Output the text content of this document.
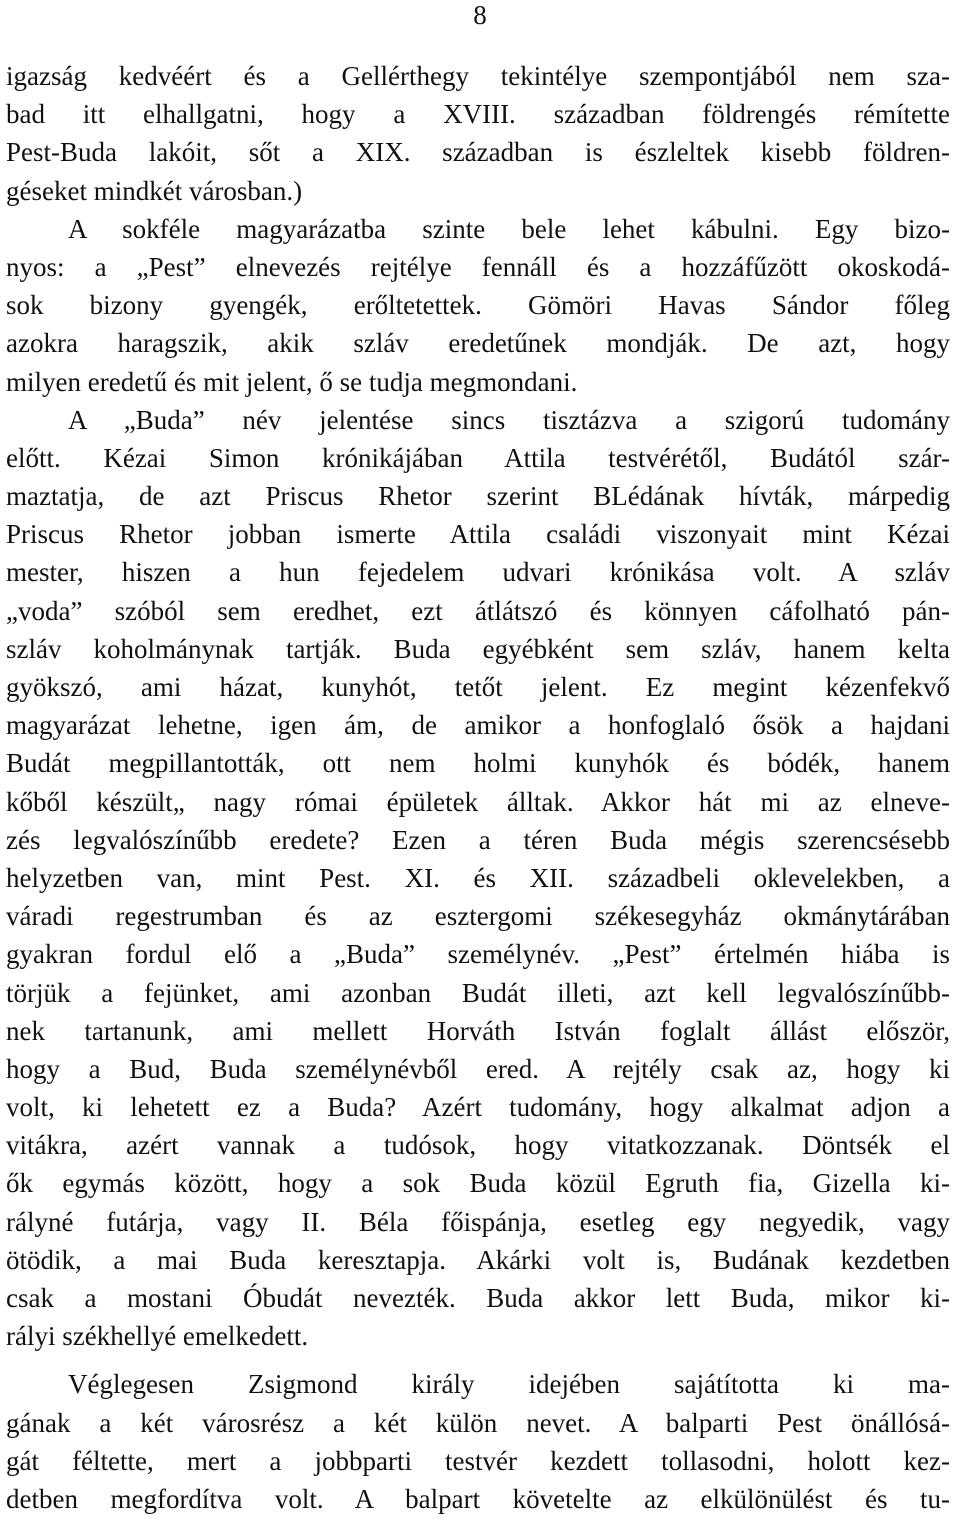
8
igazság kedvéért és a Gellérthegy tekintélye szempontjából nem sza-
bad itt elhallgatni, hogy a XVIII. században földrengés rémítette
Pest-Buda lakóit, sőt a XIX. században is észleltek kisebb földren-
géseket mindkét városban.)
A sokféle magyarázatba szinte bele lehet kábulni. Egy bizo-
nyos: a „Pest” elnevezés rejtélye fennáll és a hozzáfűzött okoskodá-
sok bizony gyengék, erőltetettek. Gömöri Havas Sándor főleg
azokra haragszik, akik szláv eredetűnek mondják. De azt, hogy
milyen eredetű és mit jelent, ő se tudja megmondani.
A „Buda” név jelentése sincs tisztázva a szigorú tudomány
előtt. Kézai Simon krónikájában Attila testvérétől, Budától szár-
maztatja, de azt Priscus Rhetor szerint BLédának hívták, márpedig
Priscus Rhetor jobban ismerte Attila családi viszonyait mint Kézai
mester, hiszen a hun fejedelem udvari krónikása volt. A szláv
„voda” szóból sem eredhet, ezt átlátszó és könnyen cáfolható pán-
szláv koholmánynak tartják. Buda egyébként sem szláv, hanem kelta
gyökszó, ami házat, kunyhót, tetőt jelent. Ez megint kézenfekvő
magyarázat lehetne, igen ám, de amikor a honfoglaló ősök a hajdani
Budát megpillantották, ott nem holmi kunyhók és bódék, hanem
kőből készült„ nagy római épületek álltak. Akkor hát mi az elneve-
zés legvalószínűbb eredete? Ezen a téren Buda mégis szerencsésebb
helyzetben van, mint Pest. XI. és XII. századbeli oklevelekben, a
váradi regestrumban és az esztergomi székesegyház okmánytárában
gyakran fordul elő a „Buda” személynév. „Pest” értelmén hiába is
törjük a fejünket, ami azonban Budát illeti, azt kell legvalószínűbb-
nek tartanunk, ami mellett Horváth István foglalt állást először,
hogy a Bud, Buda személynévből ered. A rejtély csak az, hogy ki
volt, ki lehetett ez a Buda? Azért tudomány, hogy alkalmat adjon a
vitákra, azért vannak a tudósok, hogy vitatkozzanak. Döntsék el
ők egymás között, hogy a sok Buda közül Egruth fia, Gizella ki-
rályné futárja, vagy II. Béla főispánja, esetleg egy negyedik, vagy
ötödik, a mai Buda keresztapja. Akárki volt is, Budának kezdetben
csak a mostani Óbudát nevezték. Buda akkor lett Buda, mikor ki-
rályi székhellyé emelkedett.
Véglegesen Zsigmond király idejében sajátította ki ma-
gának a két városrész a két külön nevet. A balparti Pest önállósá-
gát féltette, mert a jobbparti testvér kezdett tollasodni, holott kez-
detben megfordítva volt. A balpart követelte az elkülönülést és tu-
